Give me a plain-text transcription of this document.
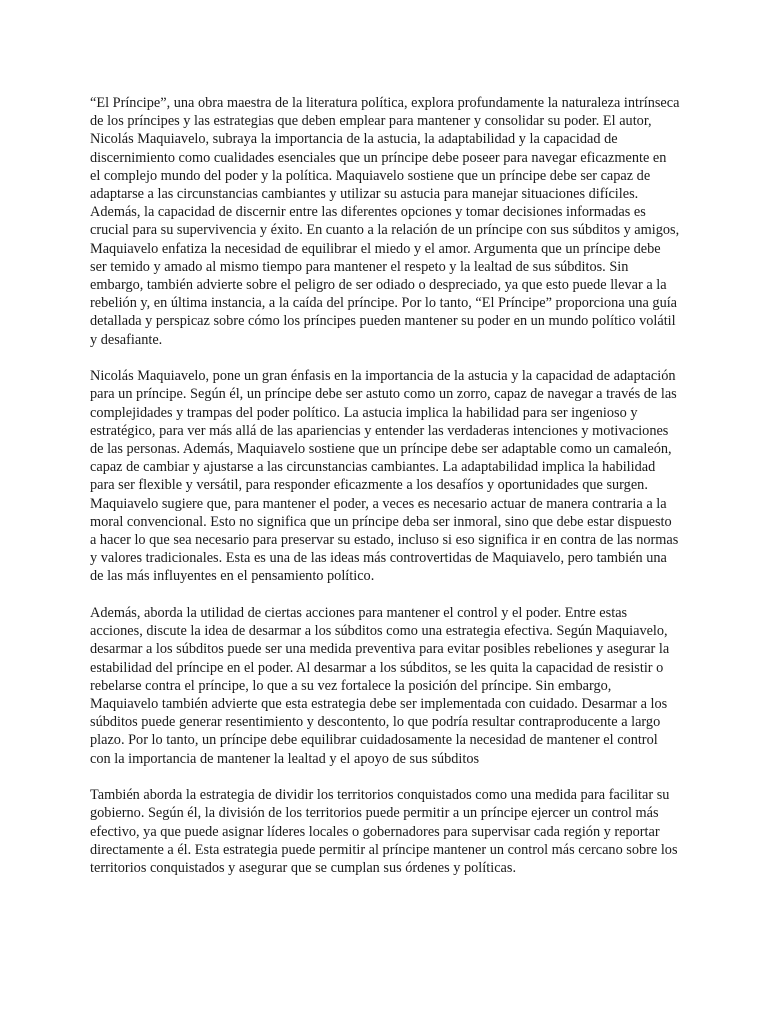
“El Príncipe”, una obra maestra de la literatura política, explora profundamente la naturaleza intrínseca de los príncipes y las estrategias que deben emplear para mantener y consolidar su poder. El autor, Nicolás Maquiavelo, subraya la importancia de la astucia, la adaptabilidad y la capacidad de discernimiento como cualidades esenciales que un príncipe debe poseer para navegar eficazmente en el complejo mundo del poder y la política. Maquiavelo sostiene que un príncipe debe ser capaz de adaptarse a las circunstancias cambiantes y utilizar su astucia para manejar situaciones difíciles. Además, la capacidad de discernir entre las diferentes opciones y tomar decisiones informadas es crucial para su supervivencia y éxito. En cuanto a la relación de un príncipe con sus súbditos y amigos, Maquiavelo enfatiza la necesidad de equilibrar el miedo y el amor. Argumenta que un príncipe debe ser temido y amado al mismo tiempo para mantener el respeto y la lealtad de sus súbditos. Sin embargo, también advierte sobre el peligro de ser odiado o despreciado, ya que esto puede llevar a la rebelión y, en última instancia, a la caída del príncipe. Por lo tanto, “El Príncipe” proporciona una guía detallada y perspicaz sobre cómo los príncipes pueden mantener su poder en un mundo político volátil y desafiante.

Nicolás Maquiavelo, pone un gran énfasis en la importancia de la astucia y la capacidad de adaptación para un príncipe. Según él, un príncipe debe ser astuto como un zorro, capaz de navegar a través de las complejidades y trampas del poder político. La astucia implica la habilidad para ser ingenioso y estratégico, para ver más allá de las apariencias y entender las verdaderas intenciones y motivaciones de las personas. Además, Maquiavelo sostiene que un príncipe debe ser adaptable como un camaleón, capaz de cambiar y ajustarse a las circunstancias cambiantes. La adaptabilidad implica la habilidad para ser flexible y versátil, para responder eficazmente a los desafíos y oportunidades que surgen. Maquiavelo sugiere que, para mantener el poder, a veces es necesario actuar de manera contraria a la moral convencional. Esto no significa que un príncipe deba ser inmoral, sino que debe estar dispuesto a hacer lo que sea necesario para preservar su estado, incluso si eso significa ir en contra de las normas y valores tradicionales. Esta es una de las ideas más controvertidas de Maquiavelo, pero también una de las más influyentes en el pensamiento político.

Además, aborda la utilidad de ciertas acciones para mantener el control y el poder. Entre estas acciones, discute la idea de desarmar a los súbditos como una estrategia efectiva. Según Maquiavelo, desarmar a los súbditos puede ser una medida preventiva para evitar posibles rebeliones y asegurar la estabilidad del príncipe en el poder. Al desarmar a los súbditos, se les quita la capacidad de resistir o rebelarse contra el príncipe, lo que a su vez fortalece la posición del príncipe. Sin embargo, Maquiavelo también advierte que esta estrategia debe ser implementada con cuidado. Desarmar a los súbditos puede generar resentimiento y descontento, lo que podría resultar contraproducente a largo plazo. Por lo tanto, un príncipe debe equilibrar cuidadosamente la necesidad de mantener el control con la importancia de mantener la lealtad y el apoyo de sus súbditos

También aborda la estrategia de dividir los territorios conquistados como una medida para facilitar su gobierno. Según él, la división de los territorios puede permitir a un príncipe ejercer un control más efectivo, ya que puede asignar líderes locales o gobernadores para supervisar cada región y reportar directamente a él. Esta estrategia puede permitir al príncipe mantener un control más cercano sobre los territorios conquistados y asegurar que se cumplan sus órdenes y políticas.
